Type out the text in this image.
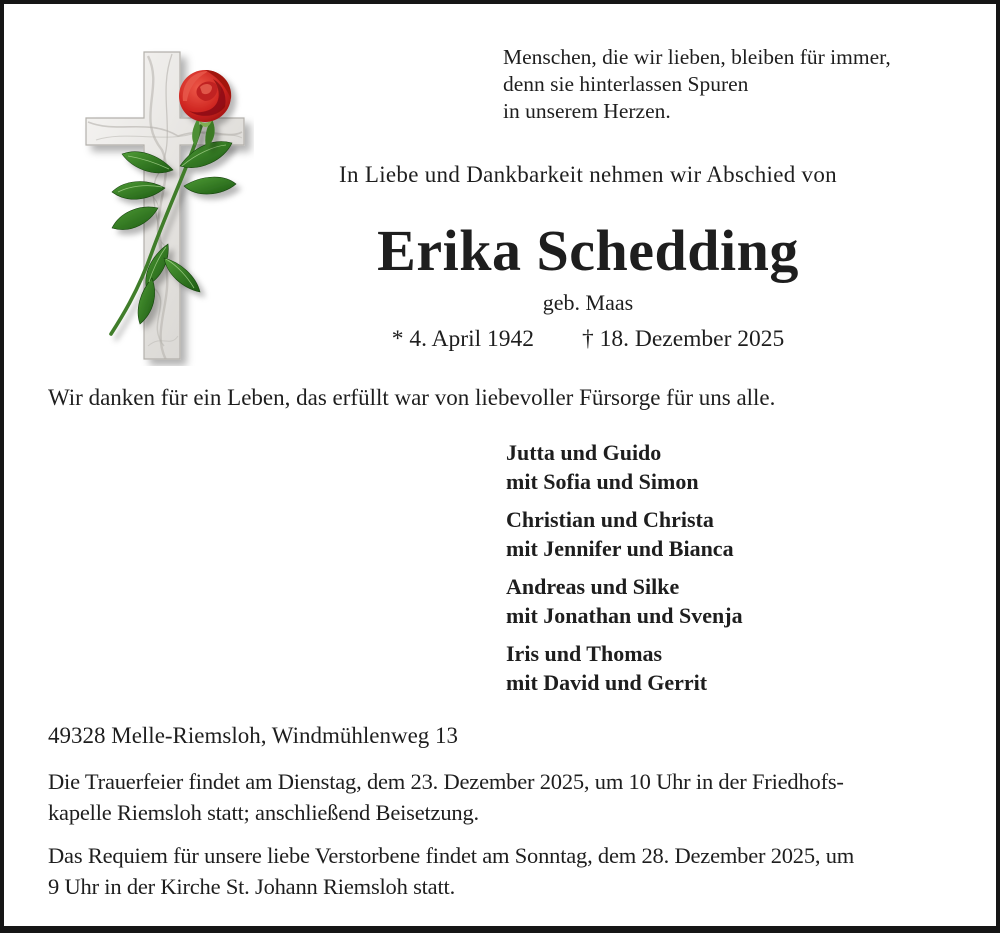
Menschen, die wir lieben, bleiben für immer,
denn sie hinterlassen Spuren
in unserem Herzen.
In Liebe und Dankbarkeit nehmen wir Abschied von
Erika Schedding
geb. Maas
* 4. April 1942 † 18. Dezember 2025
Wir danken für ein Leben, das erfüllt war von liebevoller Fürsorge für uns alle.
Jutta und Guido
mit Sofia und Simon
Christian und Christa
mit Jennifer und Bianca
Andreas und Silke
mit Jonathan und Svenja
Iris und Thomas
mit David und Gerrit
49328 Melle-Riemsloh, Windmühlenweg 13
Die Trauerfeier findet am Dienstag, dem 23. Dezember 2025, um 10 Uhr in der Friedhofs-
kapelle Riemsloh statt; anschließend Beisetzung.
Das Requiem für unsere liebe Verstorbene findet am Sonntag, dem 28. Dezember 2025, um
9 Uhr in der Kirche St. Johann Riemsloh statt.
